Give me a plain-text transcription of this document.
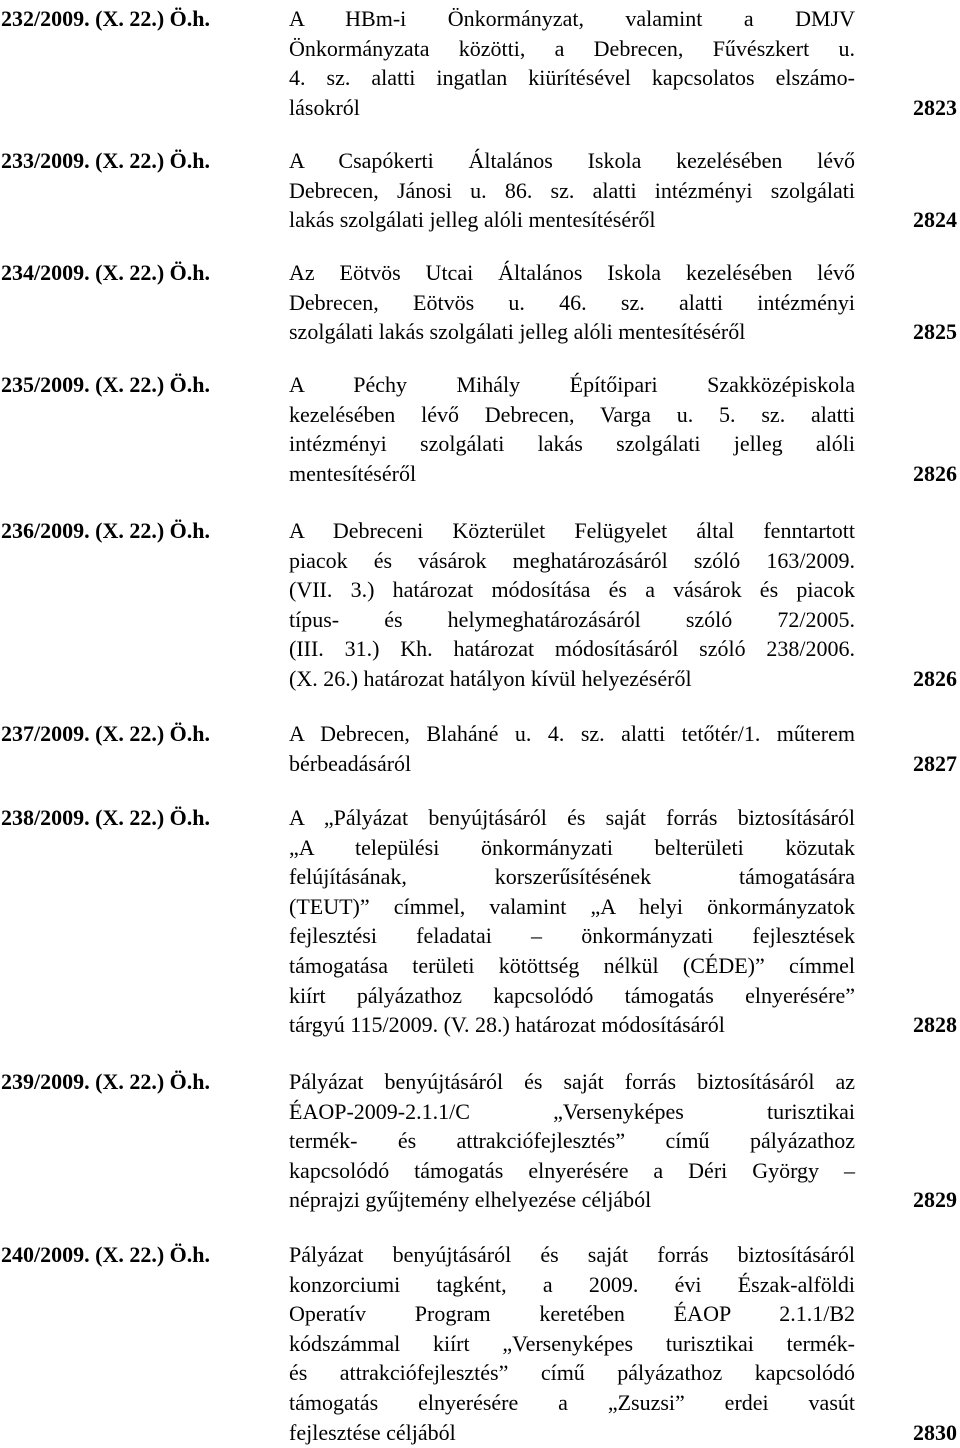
232/2009. (X. 22.) Ö.h.	A HBm-i Önkormányzat, valamint a DMJV
Önkormányzata közötti, a Debrecen, Fűvészkert u.
4. sz. alatti ingatlan kiürítésével kapcsolatos elszámo-
lásokról	2823
233/2009. (X. 22.) Ö.h.	A Csapókerti Általános Iskola kezelésében lévő
Debrecen, Jánosi u. 86. sz. alatti intézményi szolgálati
lakás szolgálati jelleg alóli mentesítéséről	2824
234/2009. (X. 22.) Ö.h.	Az Eötvös Utcai Általános Iskola kezelésében lévő
Debrecen, Eötvös u. 46. sz. alatti intézményi
szolgálati lakás szolgálati jelleg alóli mentesítéséről	2825
235/2009. (X. 22.) Ö.h.	A Péchy Mihály Építőipari Szakközépiskola
kezelésében lévő Debrecen, Varga u. 5. sz. alatti
intézményi szolgálati lakás szolgálati jelleg alóli
mentesítéséről	2826
236/2009. (X. 22.) Ö.h.	A Debreceni Közterület Felügyelet által fenntartott
piacok és vásárok meghatározásáról szóló 163/2009.
(VII. 3.) határozat módosítása és a vásárok és piacok
típus- és helymeghatározásáról szóló 72/2005.
(III. 31.) Kh. határozat módosításáról szóló 238/2006.
(X. 26.) határozat hatályon kívül helyezéséről	2826
237/2009. (X. 22.) Ö.h.	A Debrecen, Blaháné u. 4. sz. alatti tetőtér/1. műterem
bérbeadásáról	2827
238/2009. (X. 22.) Ö.h.	A „Pályázat benyújtásáról és saját forrás biztosításáról
„A települési önkormányzati belterületi közutak
felújításának, korszerűsítésének támogatására
(TEUT)” címmel, valamint „A helyi önkormányzatok
fejlesztési feladatai – önkormányzati fejlesztések
támogatása területi kötöttség nélkül (CÉDE)” címmel
kiírt pályázathoz kapcsolódó támogatás elnyerésére”
tárgyú 115/2009. (V. 28.) határozat módosításáról	2828
239/2009. (X. 22.) Ö.h.	Pályázat benyújtásáról és saját forrás biztosításáról az
ÉAOP-2009-2.1.1/C „Versenyképes turisztikai
termék- és attrakciófejlesztés” című pályázathoz
kapcsolódó támogatás elnyerésére a Déri György –
néprajzi gyűjtemény elhelyezése céljából	2829
240/2009. (X. 22.) Ö.h.	Pályázat benyújtásáról és saját forrás biztosításáról
konzorciumi tagként, a 2009. évi Észak-alföldi
Operatív Program keretében ÉAOP 2.1.1/B2
kódszámmal kiírt „Versenyképes turisztikai termék-
és attrakciófejlesztés” című pályázathoz kapcsolódó
támogatás elnyerésére a „Zsuzsi” erdei vasút
fejlesztése céljából	2830
